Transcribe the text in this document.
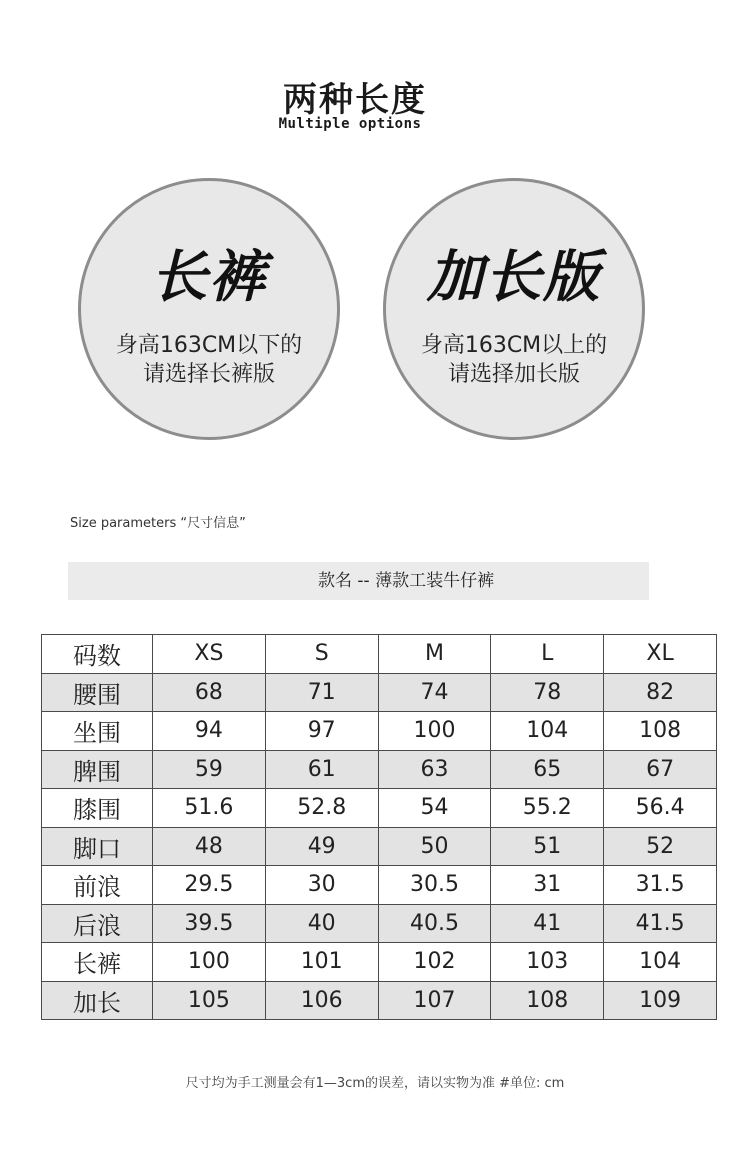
两种长度
Multiple options
长裤
身高163CM以下的
请选择长裤版
加长版
身高163CM以上的
请选择加长版
Size parameters “尺寸信息”
款名 -- 薄款工装牛仔裤
码数	XS	S	M	L	XL
腰围	68	71	74	78	82
坐围	94	97	100	104	108
脾围	59	61	63	65	67
膝围	51.6	52.8	54	55.2	56.4
脚口	48	49	50	51	52
前浪	29.5	30	30.5	31	31.5
后浪	39.5	40	40.5	41	41.5
长裤	100	101	102	103	104
加长	105	106	107	108	109
尺寸均为手工测量会有1—3cm的误差，请以实物为准 #单位: cm
